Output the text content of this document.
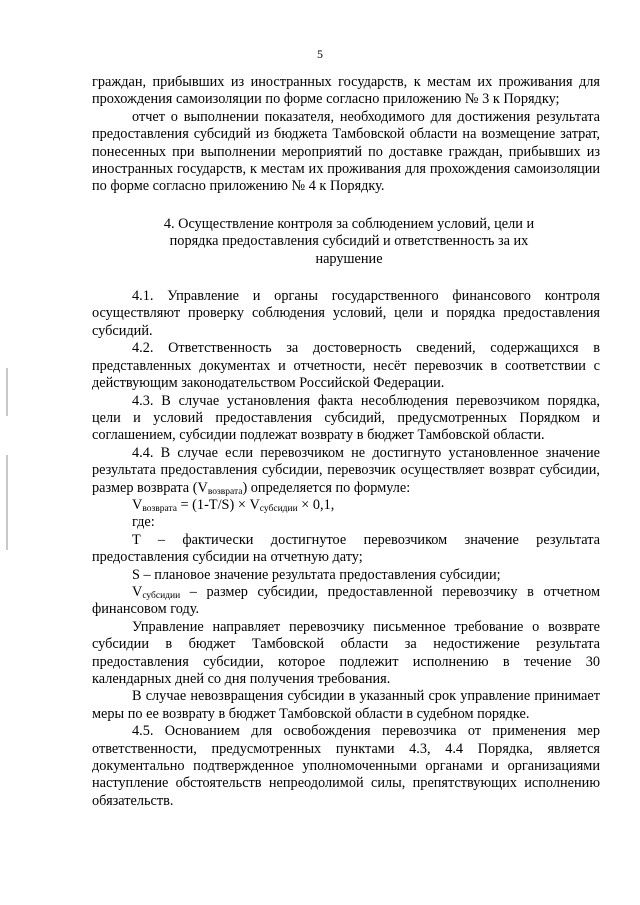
5

граждан, прибывших из иностранных государств, к местам их проживания для прохождения самоизоляции по форме согласно приложению № 3 к Порядку;

отчет о выполнении показателя, необходимого для достижения результата предоставления субсидий из бюджета Тамбовской области на возмещение затрат, понесенных при выполнении мероприятий по доставке граждан, прибывших из иностранных государств, к местам их проживания для прохождения самоизоляции по форме согласно приложению № 4 к Порядку.

4. Осуществление контроля за соблюдением условий, цели и порядка предоставления субсидий и ответственность за их нарушение

4.1. Управление и органы государственного финансового контроля осуществляют проверку соблюдения условий, цели и порядка предоставления субсидий.

4.2. Ответственность за достоверность сведений, содержащихся в представленных документах и отчетности, несёт перевозчик в соответствии с действующим законодательством Российской Федерации.

4.3. В случае установления факта несоблюдения перевозчиком порядка, цели и условий предоставления субсидий, предусмотренных Порядком и соглашением, субсидии подлежат возврату в бюджет Тамбовской области.

4.4. В случае если перевозчиком не достигнуто установленное значение результата предоставления субсидии, перевозчик осуществляет возврат субсидии, размер возврата $(V_{возврата})$ определяется по формуле:

$V_{возврата} = (1-T/S) \times V_{субсидии} \times 0,1$,

где:

T – фактически достигнутое перевозчиком значение результата предоставления субсидии на отчетную дату;

S – плановое значение результата предоставления субсидии;

$V_{субсидии}$ – размер субсидии, предоставленной перевозчику в отчетном финансовом году.

Управление направляет перевозчику письменное требование о возврате субсидии в бюджет Тамбовской области за недостижение результата предоставления субсидии, которое подлежит исполнению в течение 30 календарных дней со дня получения требования.

В случае невозвращения субсидии в указанный срок управление принимает меры по ее возврату в бюджет Тамбовской области в судебном порядке.

4.5. Основанием для освобождения перевозчика от применения мер ответственности, предусмотренных пунктами 4.3, 4.4 Порядка, является документально подтвержденное уполномоченными органами и организациями наступление обстоятельств непреодолимой силы, препятствующих исполнению обязательств.
